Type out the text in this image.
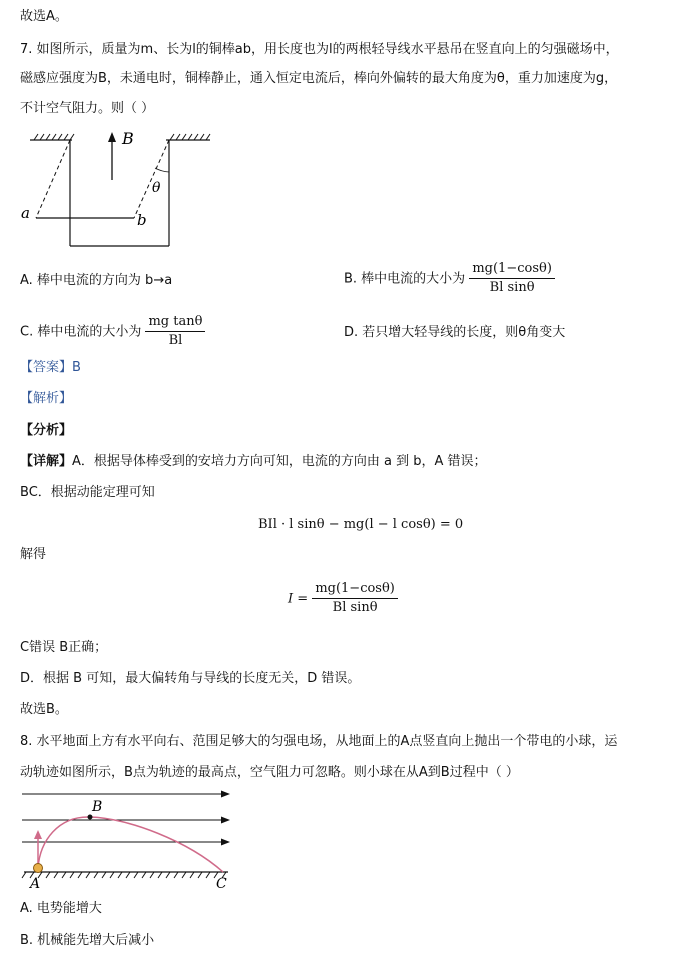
故选A。
7. 如图所示，质量为m、长为l的铜棒ab，用长度也为l的两根轻导线水平悬吊在竖直向上的匀强磁场中，
磁感应强度为B，未通电时，铜棒静止，通入恒定电流后，棒向外偏转的最大角度为θ，重力加速度为g，
不计空气阻力。则（ ）
B
θ
a	b
A. 棒中电流的方向为 b→a	B. 棒中电流的大小为 $\frac{mg(1-\cos\theta)}{\text{Bl sinθ}}$
C. 棒中电流的大小为 $\frac{\text{mg tanθ}}{Bl}$	D. 若只增大轻导线的长度，则θ角变大
【答案】B
【解析】
【分析】
【详解】A．根据导体棒受到的安培力方向可知，电流的方向由 a 到 b，A 错误；
BC．根据动能定理可知
BIl · l sinθ − mg(l − l cosθ) = 0
解得
$I = \frac{mg(1-\cos\theta)}{\text{Bl sinθ}}$
C错误 B正确；
D．根据 B 可知，最大偏转角与导线的长度无关，D 错误。
故选B。
8. 水平地面上方有水平向右、范围足够大的匀强电场，从地面上的A点竖直向上抛出一个带电的小球，运
动轨迹如图所示，B点为轨迹的最高点，空气阻力可忽略。则小球在从A到B过程中（ ）
B
A	C
A. 电势能增大
B. 机械能先增大后减小
